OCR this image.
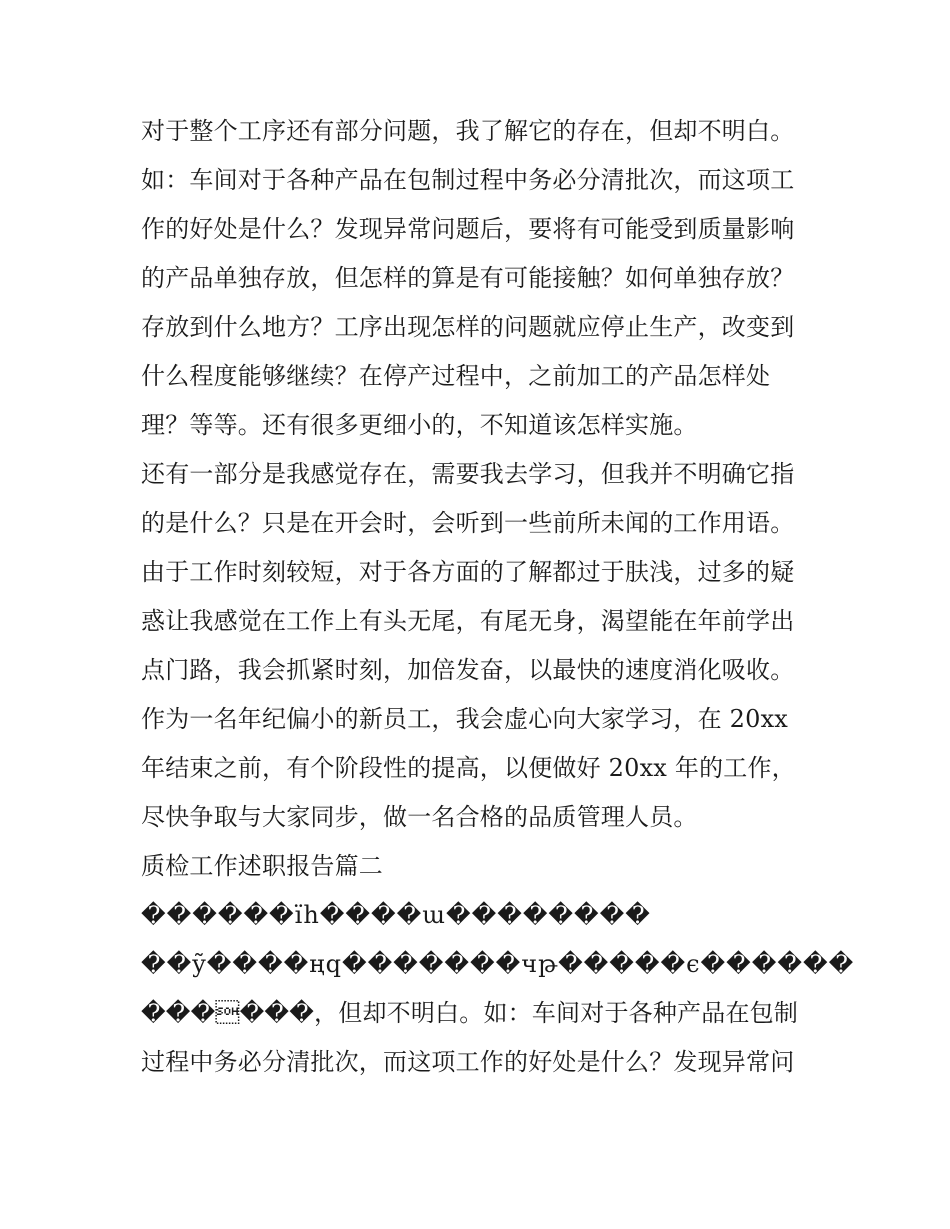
对于整个工序还有部分问题，我了解它的存在，但却不明白。
如：车间对于各种产品在包制过程中务必分清批次，而这项工
作的好处是什么？发现异常问题后，要将有可能受到质量影响
的产品单独存放，但怎样的算是有可能接触？如何单独存放？
存放到什么地方？工序出现怎样的问题就应停止生产，改变到
什么程度能够继续？在停产过程中，之前加工的产品怎样处
理？等等。还有很多更细小的，不知道该怎样实施。
还有一部分是我感觉存在，需要我去学习，但我并不明确它指
的是什么？只是在开会时，会听到一些前所未闻的工作用语。
由于工作时刻较短，对于各方面的了解都过于肤浅，过多的疑
惑让我感觉在工作上有头无尾，有尾无身，渴望能在年前学出
点门路，我会抓紧时刻，加倍发奋，以最快的速度消化吸收。
作为一名年纪偏小的新员工，我会虚心向大家学习，在 20xx
年结束之前，有个阶段性的提高，以便做好 20xx 年的工作，
尽快争取与大家同步，做一名合格的品质管理人员。
质检工作述职报告篇二
������ïh����ɯ��������
��ỹ����ңq�������чթ�����є������
������，但却不明白。如：车间对于各种产品在包制
过程中务必分清批次，而这项工作的好处是什么？发现异常问
